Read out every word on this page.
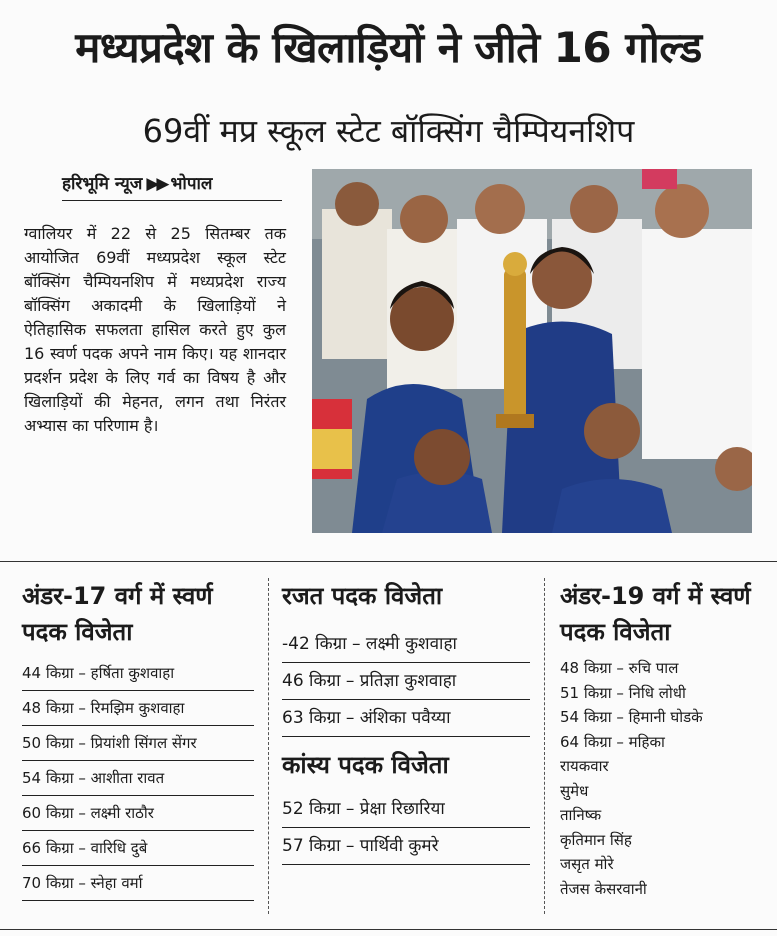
मध्यप्रदेश के खिलाड़ियों ने जीते 16 गोल्ड
69वीं मप्र स्कूल स्टेट बॉक्सिंग चैम्पियनशिप
हरिभूमि न्यूज ▶▶ भोपाल
ग्वालियर में 22 से 25 सितम्बर तक आयोजित 69वीं मध्यप्रदेश स्कूल स्टेट बॉक्सिंग चैम्पियनशिप में मध्यप्रदेश राज्य बॉक्सिंग अकादमी के खिलाड़ियों ने ऐतिहासिक सफलता हासिल करते हुए कुल 16 स्वर्ण पदक अपने नाम किए। यह शानदार प्रदर्शन प्रदेश के लिए गर्व का विषय है और खिलाड़ियों की मेहनत, लगन तथा निरंतर अभ्यास का परिणाम है।
अंडर-17 वर्ग में स्वर्ण पदक विजेता
44 किग्रा – हर्षिता कुशवाहा
48 किग्रा – रिमझिम कुशवाहा
50 किग्रा – प्रियांशी सिंगल सेंगर
54 किग्रा – आशीता रावत
60 किग्रा – लक्ष्मी राठौर
66 किग्रा – वारिधि दुबे
70 किग्रा – स्नेहा वर्मा
रजत पदक विजेता
-42 किग्रा – लक्ष्मी कुशवाहा
46 किग्रा – प्रतिज्ञा कुशवाहा
63 किग्रा – अंशिका पवैय्या
कांस्य पदक विजेता
52 किग्रा – प्रेक्षा रिछारिया
57 किग्रा – पार्थिवी कुमरे
अंडर-19 वर्ग में स्वर्ण पदक विजेता
48 किग्रा – रुचि पाल
51 किग्रा – निधि लोधी
54 किग्रा – हिमानी घोडके
64 किग्रा – महिका
रायकवार
सुमेध
तानिष्क
कृतिमान सिंह
जसृत मोरे
तेजस केसरवानी
